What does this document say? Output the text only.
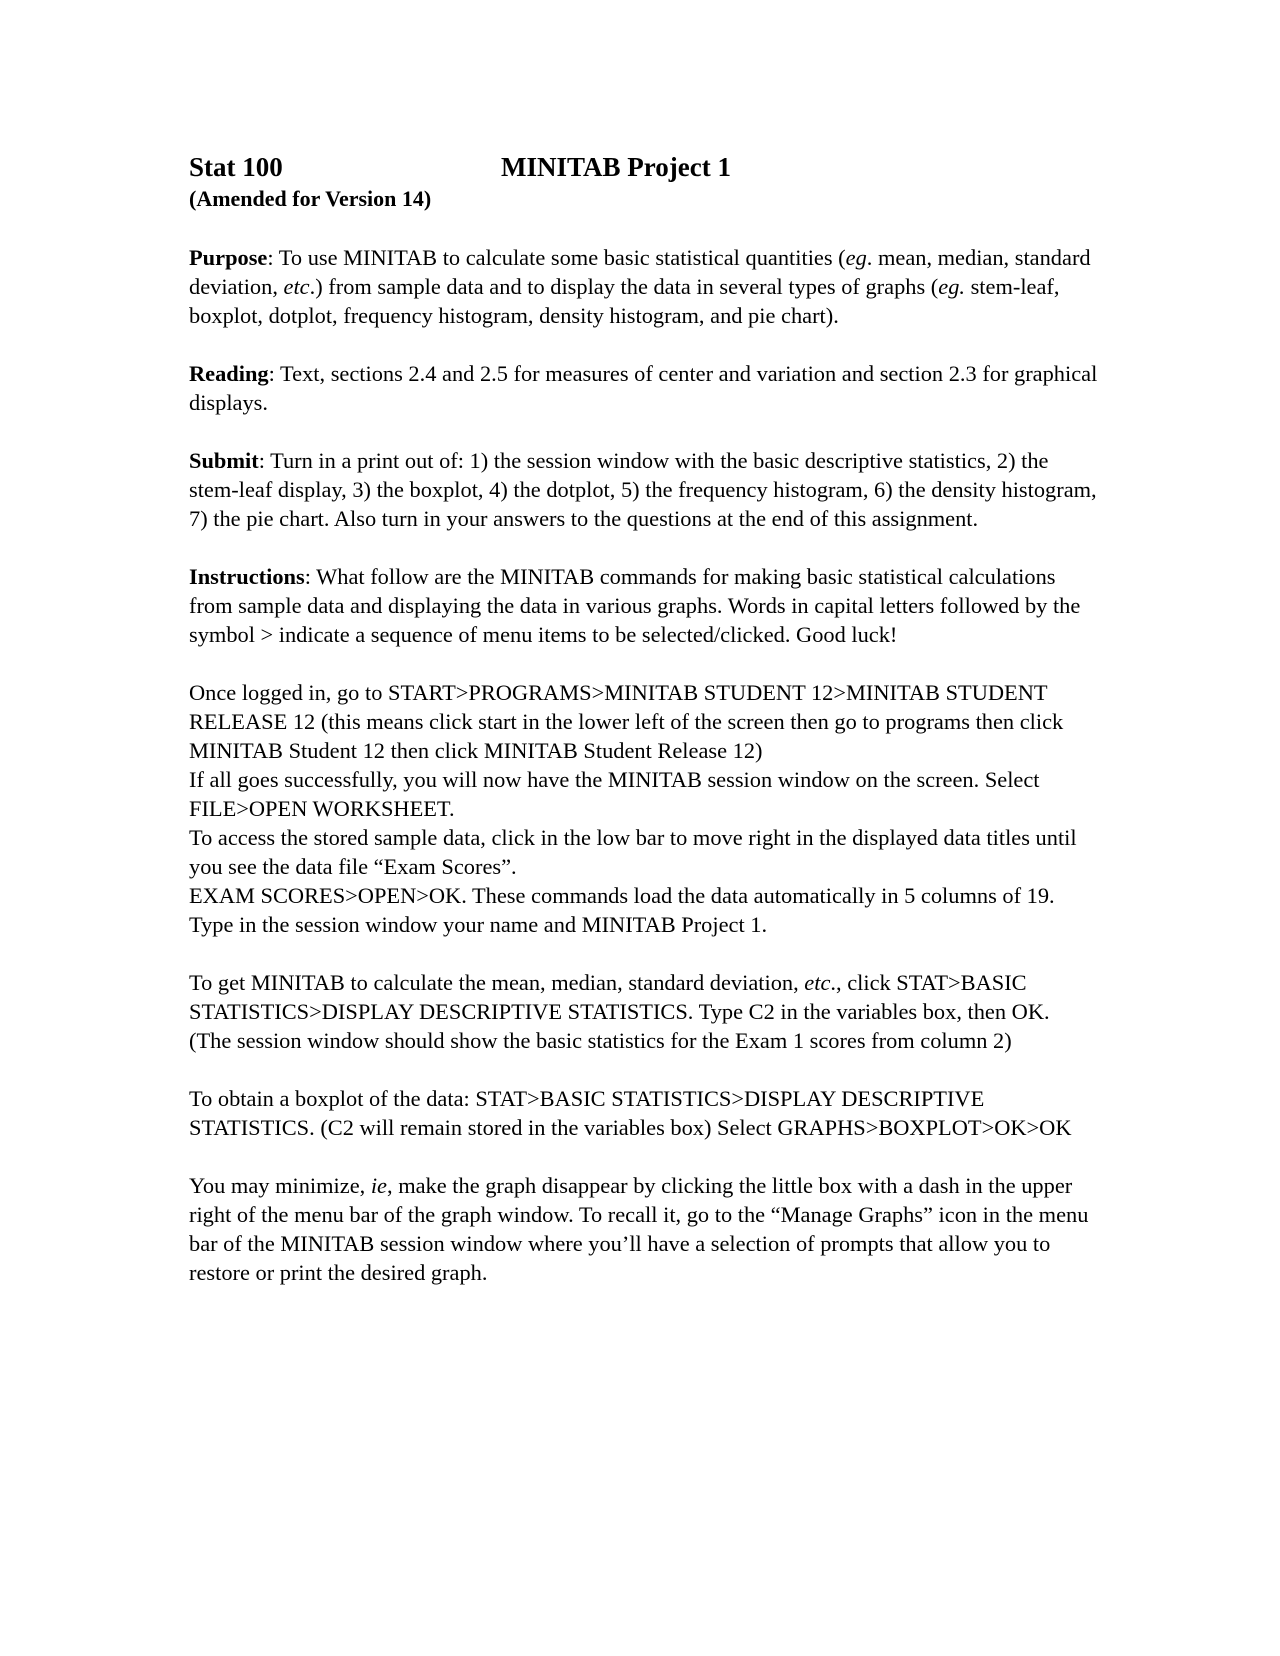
Stat 100	MINITAB Project 1
(Amended for Version 14)

Purpose: To use MINITAB to calculate some basic statistical quantities (eg. mean, median, standard deviation, etc.) from sample data and to display the data in several types of graphs (eg. stem-leaf, boxplot, dotplot, frequency histogram, density histogram, and pie chart).

Reading: Text, sections 2.4 and 2.5 for measures of center and variation and section 2.3 for graphical displays.

Submit: Turn in a print out of: 1) the session window with the basic descriptive statistics, 2) the stem-leaf display, 3) the boxplot, 4) the dotplot, 5) the frequency histogram, 6) the density histogram, 7) the pie chart. Also turn in your answers to the questions at the end of this assignment.

Instructions: What follow are the MINITAB commands for making basic statistical calculations from sample data and displaying the data in various graphs. Words in capital letters followed by the symbol > indicate a sequence of menu items to be selected/clicked. Good luck!

Once logged in, go to START>PROGRAMS>MINITAB STUDENT 12>MINITAB STUDENT RELEASE 12 (this means click start in the lower left of the screen then go to programs then click MINITAB Student 12 then click MINITAB Student Release 12)

If all goes successfully, you will now have the MINITAB session window on the screen. Select FILE>OPEN WORKSHEET.

To access the stored sample data, click in the low bar to move right in the displayed data titles until you see the data file “Exam Scores”.

EXAM SCORES>OPEN>OK. These commands load the data automatically in 5 columns of 19.

Type in the session window your name and MINITAB Project 1.

To get MINITAB to calculate the mean, median, standard deviation, etc., click STAT>BASIC STATISTICS>DISPLAY DESCRIPTIVE STATISTICS. Type C2 in the variables box, then OK.

(The session window should show the basic statistics for the Exam 1 scores from column 2)

To obtain a boxplot of the data: STAT>BASIC STATISTICS>DISPLAY DESCRIPTIVE STATISTICS. (C2 will remain stored in the variables box) Select GRAPHS>BOXPLOT>OK>OK

You may minimize, ie, make the graph disappear by clicking the little box with a dash in the upper right of the menu bar of the graph window. To recall it, go to the “Manage Graphs” icon in the menu bar of the MINITAB session window where you’ll have a selection of prompts that allow you to restore or print the desired graph.
